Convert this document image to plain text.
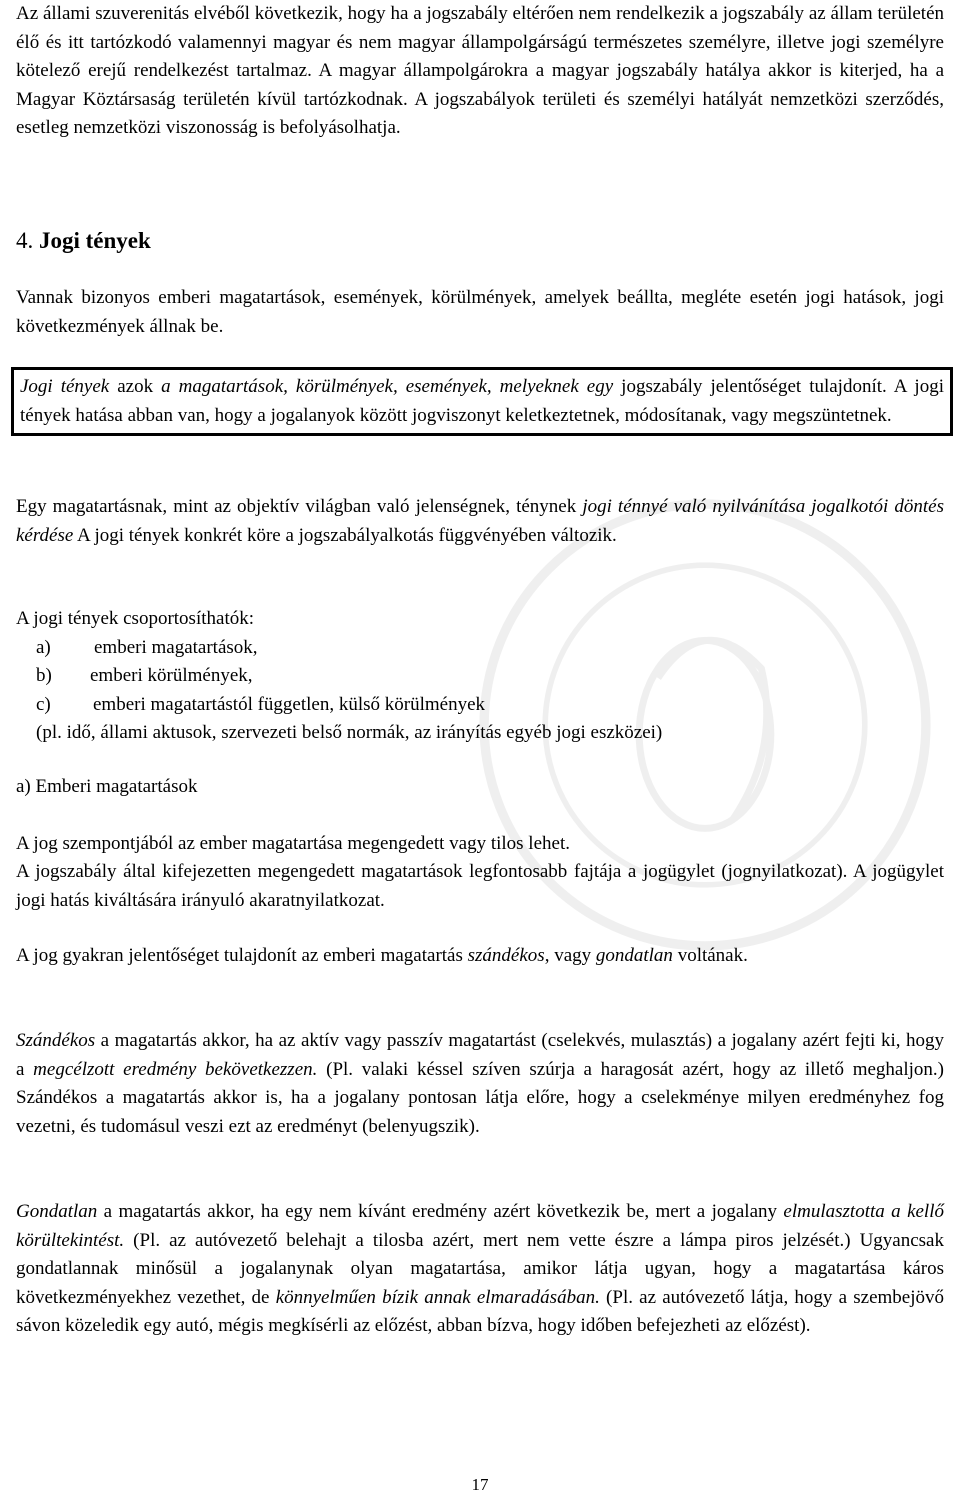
Az állami szuverenitás elvéből következik, hogy ha a jogszabály eltérően nem rendelkezik a jogszabály az állam területén élő és itt tartózkodó valamennyi magyar és nem magyar állampolgárságú természetes személyre, illetve jogi személyre kötelező erejű rendelkezést tartalmaz. A magyar állampolgárokra a magyar jogszabály hatálya akkor is kiterjed, ha a Magyar Köztársaság területén kívül tartózkodnak. A jogszabályok területi és személyi hatályát nemzetközi szerződés, esetleg nemzetközi viszonosság is befolyásolhatja.

4. Jogi tények

Vannak bizonyos emberi magatartások, események, körülmények, amelyek beállta, megléte esetén jogi hatások, jogi következmények állnak be.

Jogi tények azok a magatartások, körülmények, események, melyeknek egy jogszabály jelentőséget tulajdonít. A jogi tények hatása abban van, hogy a jogalanyok között jogviszonyt keletkeztetnek, módosítanak, vagy megszüntetnek.

Egy magatartásnak, mint az objektív világban való jelenségnek, ténynek jogi ténnyé való nyilvánítása jogalkotói döntés kérdése A jogi tények konkrét köre a jogszabályalkotás függvényében változik.

A jogi tények csoportosíthatók:
a)	emberi magatartások,
b)	emberi körülmények,
c)	emberi magatartástól független, külső körülmények
(pl. idő, állami aktusok, szervezeti belső normák, az irányítás egyéb jogi eszközei)

a) Emberi magatartások

A jog szempontjából az ember magatartása megengedett vagy tilos lehet.

A jogszabály által kifejezetten megengedett magatartások legfontosabb fajtája a jogügylet (jognyilatkozat). A jogügylet jogi hatás kiváltására irányuló akaratnyilatkozat.

A jog gyakran jelentőséget tulajdonít az emberi magatartás szándékos, vagy gondatlan voltának.

Szándékos a magatartás akkor, ha az aktív vagy passzív magatartást (cselekvés, mulasztás) a jogalany azért fejti ki, hogy a megcélzott eredmény bekövetkezzen. (Pl. valaki késsel szíven szúrja a haragosát azért, hogy az illető meghaljon.) Szándékos a magatartás akkor is, ha a jogalany pontosan látja előre, hogy a cselekménye milyen eredményhez fog vezetni, és tudomásul veszi ezt az eredményt (belenyugszik).

Gondatlan a magatartás akkor, ha egy nem kívánt eredmény azért következik be, mert a jogalany elmulasztotta a kellő körültekintést. (Pl. az autóvezető belehajt a tilosba azért, mert nem vette észre a lámpa piros jelzését.) Ugyancsak gondatlannak minősül a jogalanynak olyan magatartása, amikor látja ugyan, hogy a magatartása káros következményekhez vezethet, de könnyelműen bízik annak elmaradásában. (Pl. az autóvezető látja, hogy a szembejövő sávon közeledik egy autó, mégis megkísérli az előzést, abban bízva, hogy időben befejezheti az előzést).

17
